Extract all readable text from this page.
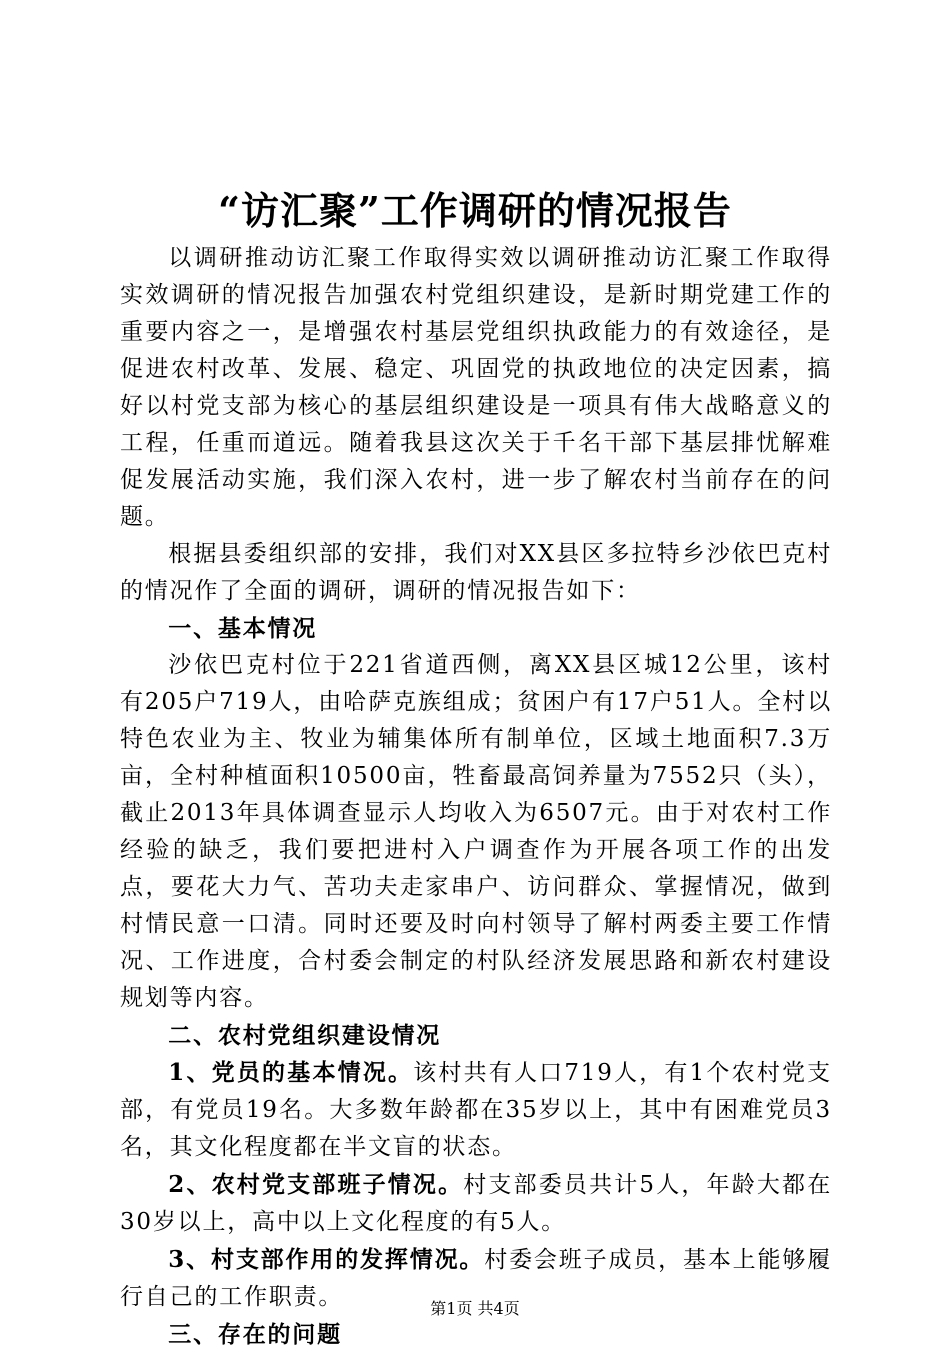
“访汇聚”工作调研的情况报告

以调研推动访汇聚工作取得实效以调研推动访汇聚工作取得实效调研的情况报告加强农村党组织建设，是新时期党建工作的重要内容之一，是增强农村基层党组织执政能力的有效途径，是促进农村改革、发展、稳定、巩固党的执政地位的决定因素，搞好以村党支部为核心的基层组织建设是一项具有伟大战略意义的工程，任重而道远。随着我县这次关于千名干部下基层排忧解难促发展活动实施，我们深入农村，进一步了解农村当前存在的问题。

根据县委组织部的安排，我们对XX县区多拉特乡沙依巴克村的情况作了全面的调研，调研的情况报告如下：

一、基本情况

沙依巴克村位于221省道西侧，离XX县区城12公里，该村有205户719人，由哈萨克族组成；贫困户有17户51人。全村以特色农业为主、牧业为辅集体所有制单位，区域土地面积7.3万亩，全村种植面积10500亩，牲畜最高饲养量为7552只（头），截止2013年具体调查显示人均收入为6507元。由于对农村工作经验的缺乏，我们要把进村入户调查作为开展各项工作的出发点，要花大力气、苦功夫走家串户、访问群众、掌握情况，做到村情民意一口清。同时还要及时向村领导了解村两委主要工作情况、工作进度，合村委会制定的村队经济发展思路和新农村建设规划等内容。

二、农村党组织建设情况

1、党员的基本情况。该村共有人口719人，有1个农村党支部，有党员19名。大多数年龄都在35岁以上，其中有困难党员3名，其文化程度都在半文盲的状态。

2、农村党支部班子情况。村支部委员共计5人，年龄大都在30岁以上，高中以上文化程度的有5人。

3、村支部作用的发挥情况。村委会班子成员，基本上能够履行自己的工作职责。

三、存在的问题

第1页 共4页
